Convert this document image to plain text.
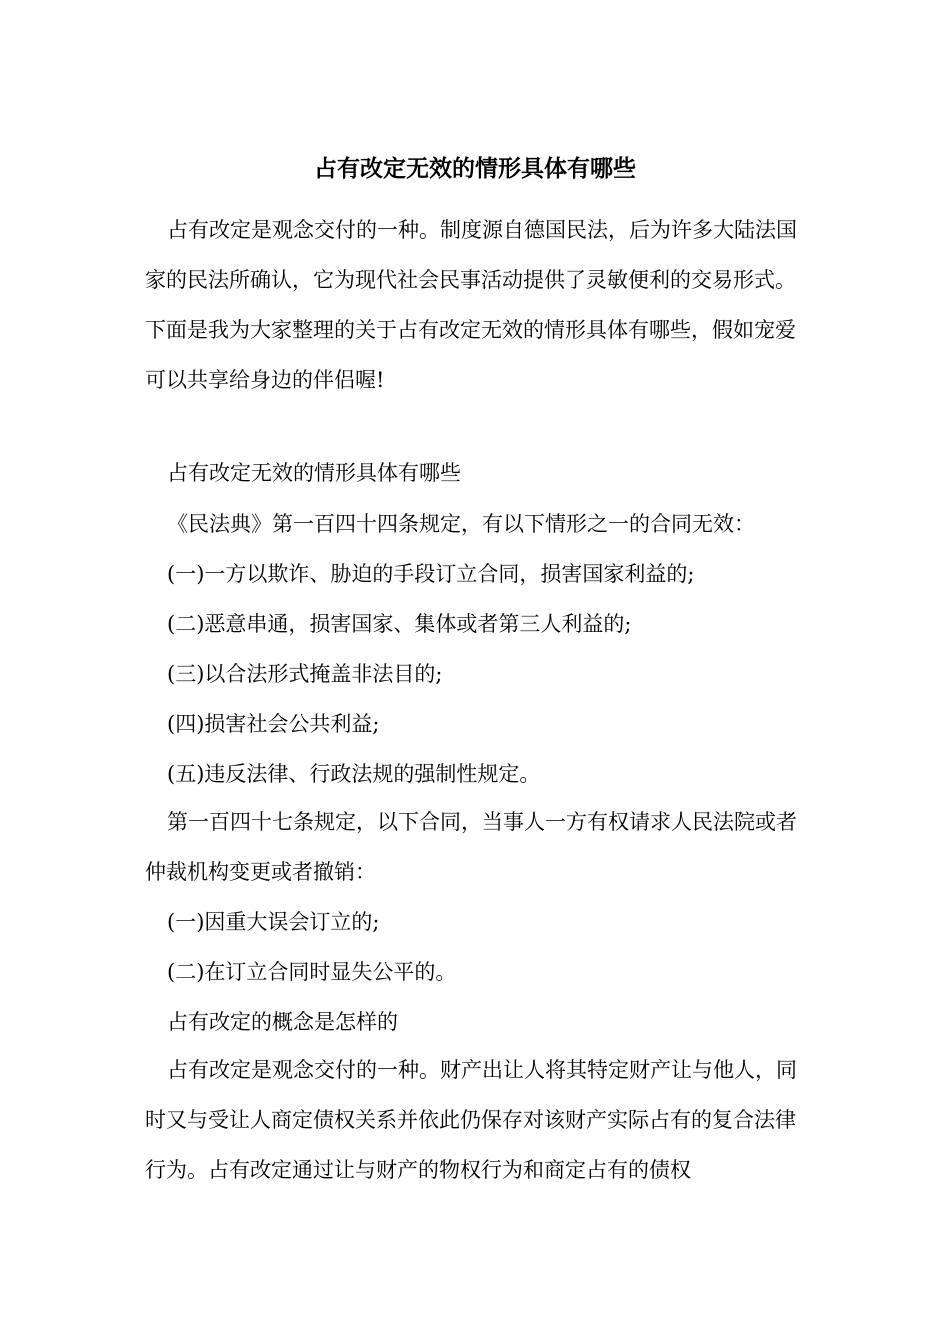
占有改定无效的情形具体有哪些

占有改定是观念交付的一种。制度源自德国民法，后为许多大陆法国家的民法所确认，它为现代社会民事活动提供了灵敏便利的交易形式。下面是我为大家整理的关于占有改定无效的情形具体有哪些，假如宠爱可以共享给身边的伴侣喔!

占有改定无效的情形具体有哪些

《民法典》第一百四十四条规定，有以下情形之一的合同无效：

(一)一方以欺诈、胁迫的手段订立合同，损害国家利益的;

(二)恶意串通，损害国家、集体或者第三人利益的;

(三)以合法形式掩盖非法目的;

(四)损害社会公共利益;

(五)违反法律、行政法规的强制性规定。

第一百四十七条规定，以下合同，当事人一方有权请求人民法院或者仲裁机构变更或者撤销：

(一)因重大误会订立的;

(二)在订立合同时显失公平的。

占有改定的概念是怎样的

占有改定是观念交付的一种。财产出让人将其特定财产让与他人，同时又与受让人商定债权关系并依此仍保存对该财产实际占有的复合法律行为。占有改定通过让与财产的物权行为和商定占有的债权
